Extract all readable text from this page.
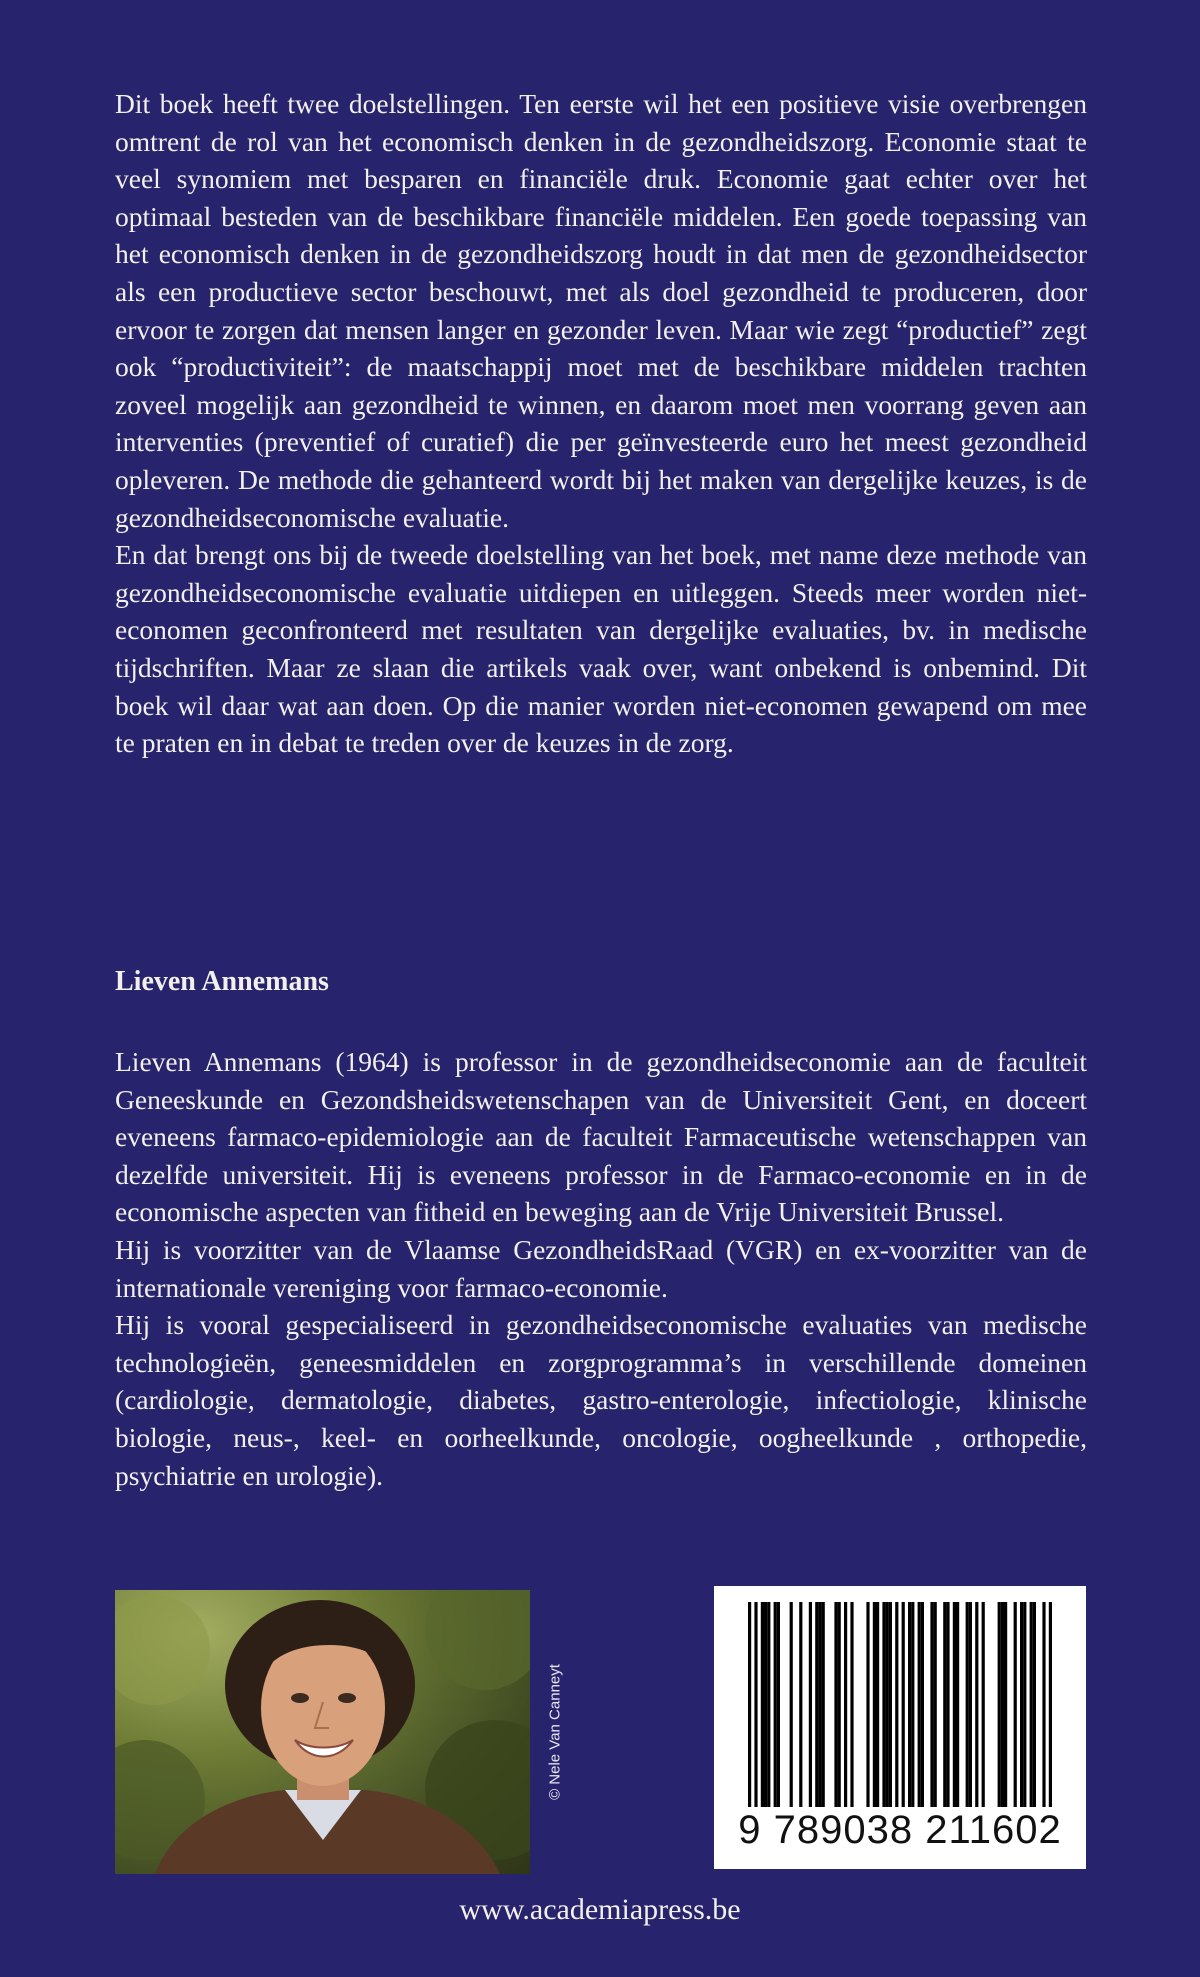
Dit boek heeft twee doelstellingen. Ten eerste wil het een positieve visie overbrengen omtrent de rol van het economisch denken in de gezondheidszorg. Economie staat te veel synomiem met besparen en financiële druk. Economie gaat echter over het optimaal besteden van de beschikbare financiële middelen. Een goede toepassing van het economisch denken in de gezondheidszorg houdt in dat men de gezondheidsector als een productieve sector beschouwt, met als doel gezondheid te produceren, door ervoor te zorgen dat mensen langer en gezonder leven. Maar wie zegt “productief” zegt ook “productiviteit”: de maatschappij moet met de beschikbare middelen trachten zoveel mogelijk aan gezondheid te winnen, en daarom moet men voorrang geven aan interventies (preventief of curatief) die per geïnvesteerde euro het meest gezondheid opleveren. De methode die gehanteerd wordt bij het maken van dergelijke keuzes, is de gezondheidseconomische evaluatie.

En dat brengt ons bij de tweede doelstelling van het boek, met name deze methode van gezondheidseconomische evaluatie uitdiepen en uitleggen. Steeds meer worden niet-economen geconfronteerd met resultaten van dergelijke evaluaties, bv. in medische tijdschriften. Maar ze slaan die artikels vaak over, want onbekend is onbemind. Dit boek wil daar wat aan doen. Op die manier worden niet-economen gewapend om mee te praten en in debat te treden over de keuzes in de zorg.

Lieven Annemans

Lieven Annemans (1964) is professor in de gezondheidseconomie aan de faculteit Geneeskunde en Gezondsheidswetenschapen van de Universiteit Gent, en doceert eveneens farmaco-epidemiologie aan de faculteit Farmaceutische wetenschappen van dezelfde universiteit. Hij is eveneens professor in de Farmaco-economie en in de economische aspecten van fitheid en beweging aan de Vrije Universiteit Brussel.

Hij is voorzitter van de Vlaamse GezondheidsRaad (VGR) en ex-voorzitter van de internationale vereniging voor farmaco-economie.

Hij is vooral gespecialiseerd in gezondheidseconomische evaluaties van medische technologieën, geneesmiddelen en zorgprogramma’s in verschillende domeinen (cardiologie, dermatologie, diabetes, gastro-enterologie, infectiologie, klinische biologie, neus-, keel- en oorheelkunde, oncologie, oogheelkunde , orthopedie, psychiatrie en urologie).

© Nele Van Canneyt
9 789038 211602
www.academiapress.be
